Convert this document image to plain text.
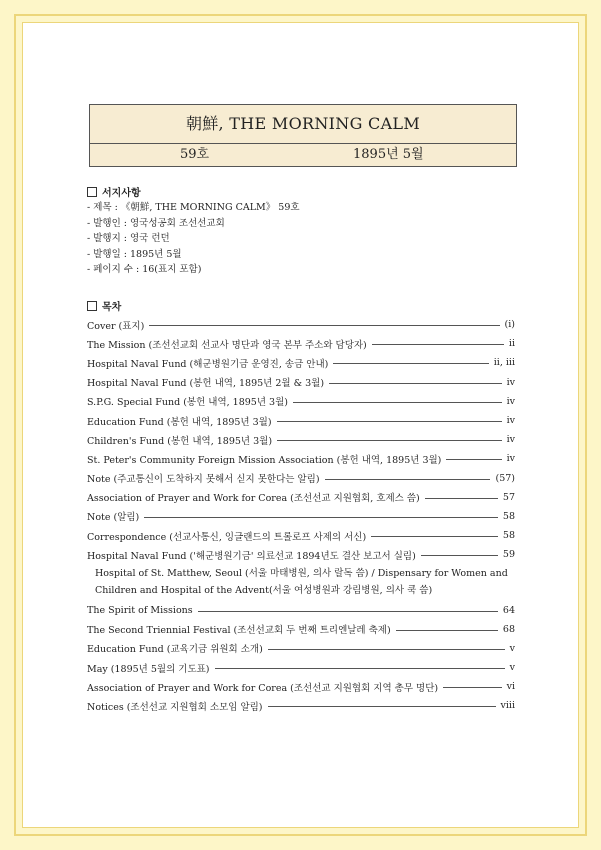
朝鮮, THE MORNING CALM
59호	1895년 5월
서지사항
- 제목 : 《朝鮮, THE MORNING CALM》 59호
- 발행인 : 영국성공회 조선선교회
- 발행지 : 영국 런던
- 발행일 : 1895년 5월
- 페이지 수 : 16(표지 포함)
목차
Cover (표지)	(i)
The Mission (조선선교회 선교사 명단과 영국 본부 주소와 담당자)	ii
Hospital Naval Fund (해군병원기금 운영진, 송금 안내)	ii, iii
Hospital Naval Fund (봉헌 내역, 1895년 2월 & 3월)	iv
S.P.G. Special Fund (봉헌 내역, 1895년 3월)	iv
Education Fund (봉헌 내역, 1895년 3월)	iv
Children's Fund (봉헌 내역, 1895년 3월)	iv
St. Peter's Community Foreign Mission Association (봉헌 내역, 1895년 3월)	iv
Note (주교통신이 도착하지 못해서 싣지 못한다는 알림)	(57)
Association of Prayer and Work for Corea (조선선교 지원협회, 호제스 씀)	57
Note (알림)	58
Correspondence (선교사통신, 잉글랜드의 트롤로프 사제의 서신)	58
Hospital Naval Fund ('해군병원기금' 의료선교 1894년도 결산 보고서 실림)	59
Hospital of St. Matthew, Seoul (서울 마태병원, 의사 랄독 씀) / Dispensary for Women and Children and Hospital of the Advent(서울 여성병원과 강림병원, 의사 쿡 씀)
The Spirit of Missions	64
The Second Triennial Festival (조선선교회 두 번째 트리엔날레 축제)	68
Education Fund (교육기금 위원회 소개)	v
May (1895년 5월의 기도표)	v
Association of Prayer and Work for Corea (조선선교 지원협회 지역 총무 명단)	vi
Notices (조선선교 지원협회 소모임 알림)	viii
